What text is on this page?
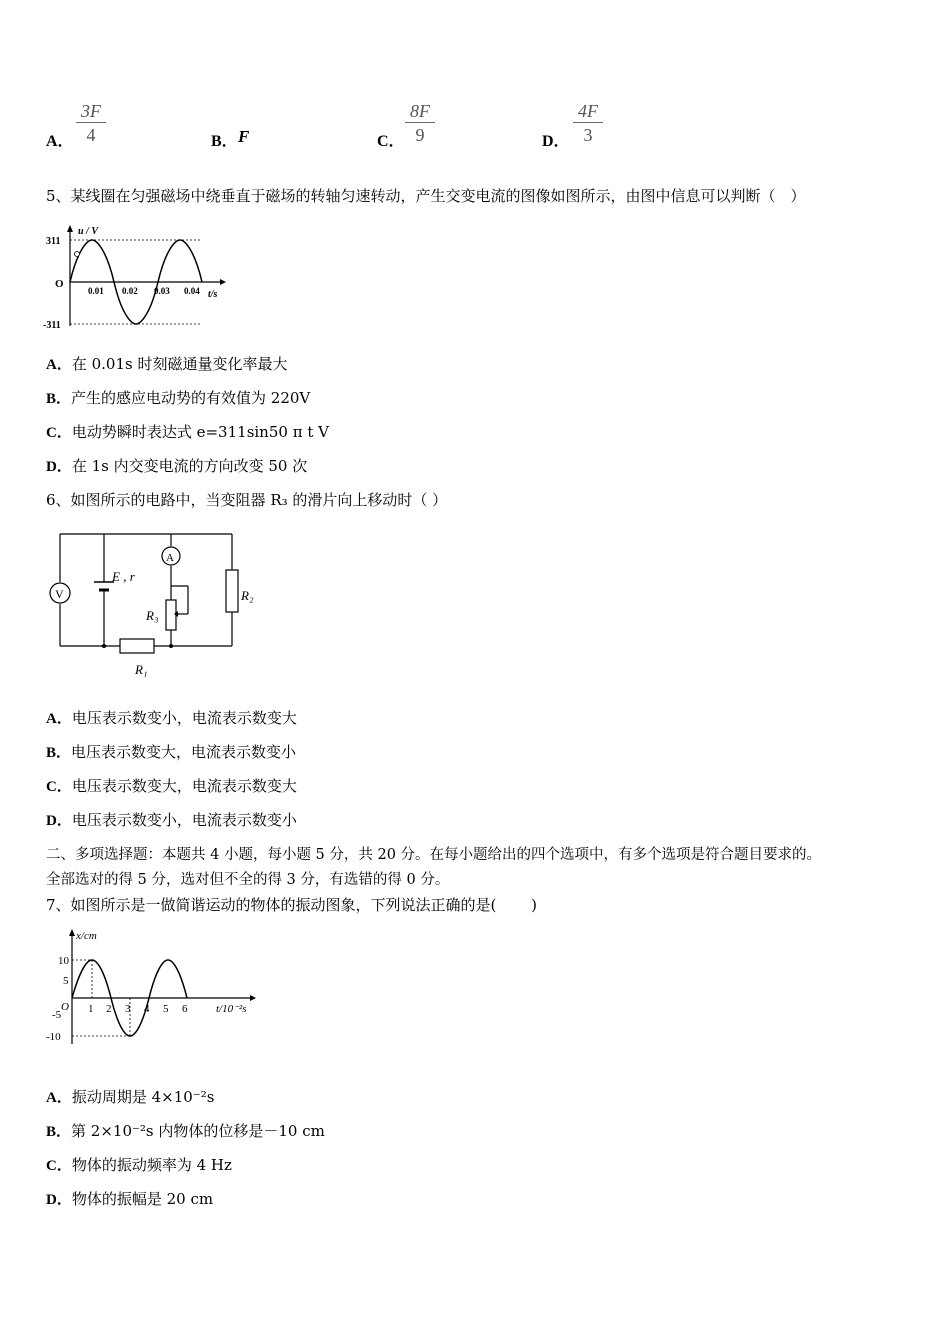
A． $\frac{3F}{4}$	B． F	C． $\frac{8F}{9}$	D． $\frac{4F}{3}$
5、某线圈在匀强磁场中绕垂直于磁场的转轴匀速转动，产生交变电流的图像如图所示，由图中信息可以判断（　）
u / V
311
O
-311
0.01 0.02 0.03 0.04 t/s
A．在 0.01s 时刻磁通量变化率最大
B．产生的感应电动势的有效值为 220V
C．电动势瞬时表达式 e=311sin50 π t V
D．在 1s 内交变电流的方向改变 50 次
6、如图所示的电路中，当变阻器 R₃ 的滑片向上移动时（ ）
V
E , r
A
R₃
R₂
R₁
A．电压表示数变小，电流表示数变大
B．电压表示数变大，电流表示数变小
C．电压表示数变大，电流表示数变大
D．电压表示数变小，电流表示数变小
二、多项选择题：本题共 4 小题，每小题 5 分，共 20 分。在每小题给出的四个选项中，有多个选项是符合题目要求的。
全部选对的得 5 分，选对但不全的得 3 分，有选错的得 0 分。
7、如图所示是一做简谐运动的物体的振动图象，下列说法正确的是(　　 )
10
5
-5
-10
O 1 2 3 4 5 6
x/cm
t/10⁻²s
A．振动周期是 4×10⁻²s
B．第 2×10⁻²s 内物体的位移是－10 cm
C．物体的振动频率为 4 Hz
D．物体的振幅是 20 cm
